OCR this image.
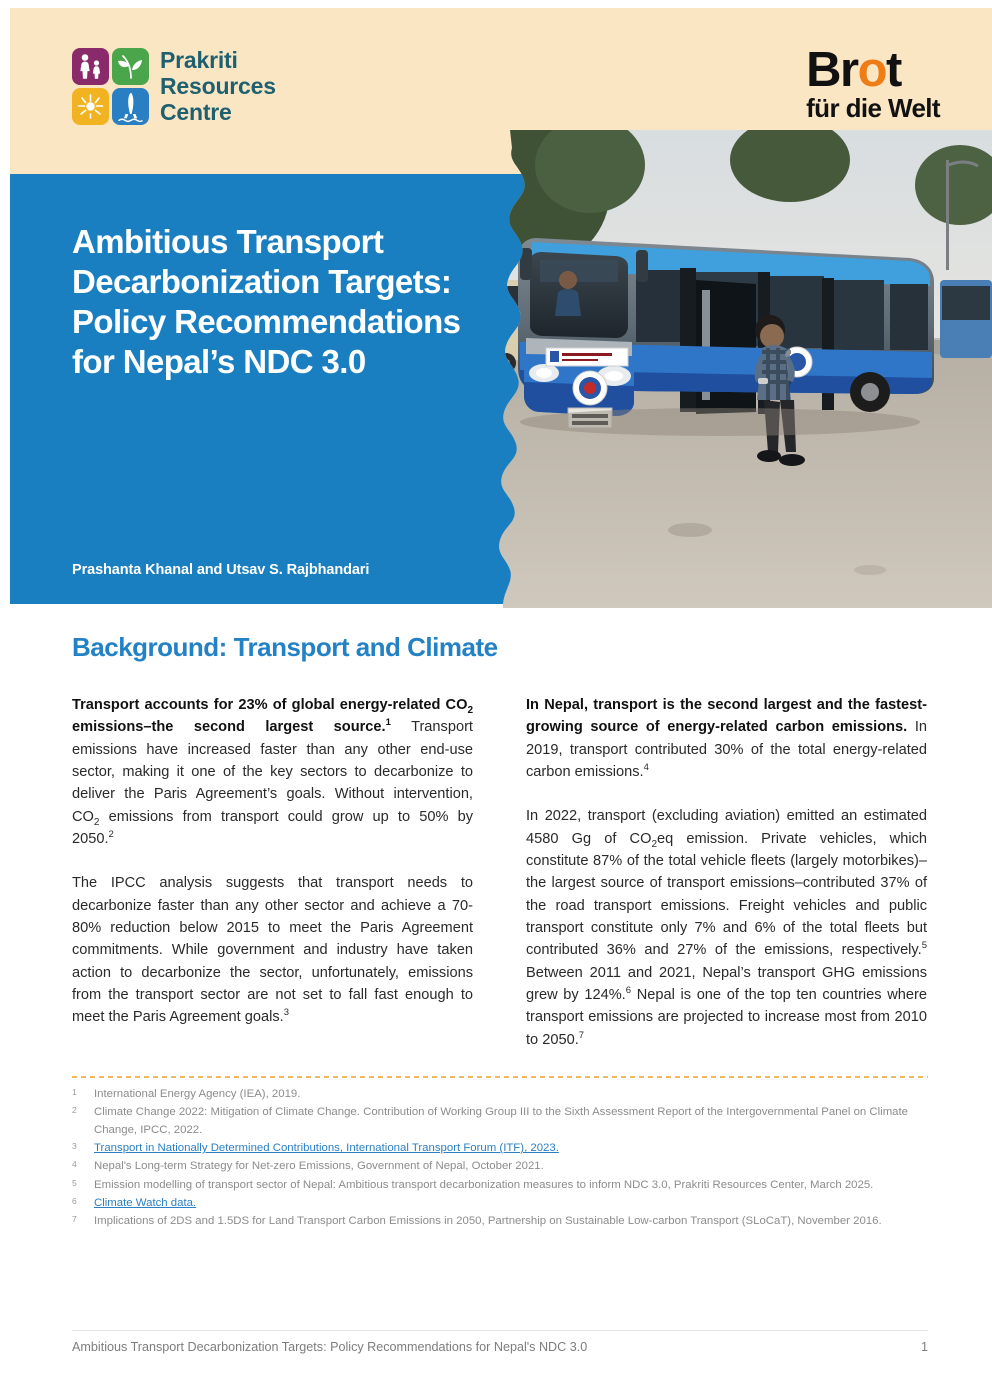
Prakriti
Resources
Centre
Brot
für die Welt
Ambitious Transport Decarbonization Targets: Policy Recommendations for Nepal’s NDC 3.0
Prashanta Khanal and Utsav S. Rajbhandari
Background: Transport and Climate

Transport accounts for 23% of global energy-related $CO_2$ emissions–the second largest source.$^1$ Transport emissions have increased faster than any other end-use sector, making it one of the key sectors to decarbonize to deliver the Paris Agreement’s goals. Without intervention, $CO_2$ emissions from transport could grow up to 50% by 2050.$^2$

The IPCC analysis suggests that transport needs to decarbonize faster than any other sector and achieve a 70-80% reduction below 2015 to meet the Paris Agreement commitments. While government and industry have taken action to decarbonize the sector, unfortunately, emissions from the transport sector are not set to fall fast enough to meet the Paris Agreement goals.$^3$

In Nepal, transport is the second largest and the fastest-growing source of energy-related carbon emissions. In 2019, transport contributed 30% of the total energy-related carbon emissions.$^4$

In 2022, transport (excluding aviation) emitted an estimated 4580 Gg of $CO_2eq$ emission. Private vehicles, which constitute 87% of the total vehicle fleets (largely motorbikes)– the largest source of transport emissions–contributed 37% of the road transport emissions. Freight vehicles and public transport constitute only 7% and 6% of the total fleets but contributed 36% and 27% of the emissions, respectively.$^5$ Between 2011 and 2021, Nepal’s transport GHG emissions grew by 124%.$^6$ Nepal is one of the top ten countries where transport emissions are projected to increase most from 2010 to 2050.$^7$

1	International Energy Agency (IEA), 2019.
2	Climate Change 2022: Mitigation of Climate Change. Contribution of Working Group III to the Sixth Assessment Report of the Intergovernmental Panel on Climate Change, IPCC, 2022.
3	Transport in Nationally Determined Contributions, International Transport Forum (ITF), 2023.
4	Nepal's Long-term Strategy for Net-zero Emissions, Government of Nepal, October 2021.
5	Emission modelling of transport sector of Nepal: Ambitious transport decarbonization measures to inform NDC 3.0, Prakriti Resources Center, March 2025.
6	Climate Watch data.
7	Implications of 2DS and 1.5DS for Land Transport Carbon Emissions in 2050, Partnership on Sustainable Low-carbon Transport (SLoCaT), November 2016.
Ambitious Transport Decarbonization Targets: Policy Recommendations for Nepal's NDC 3.0	1
